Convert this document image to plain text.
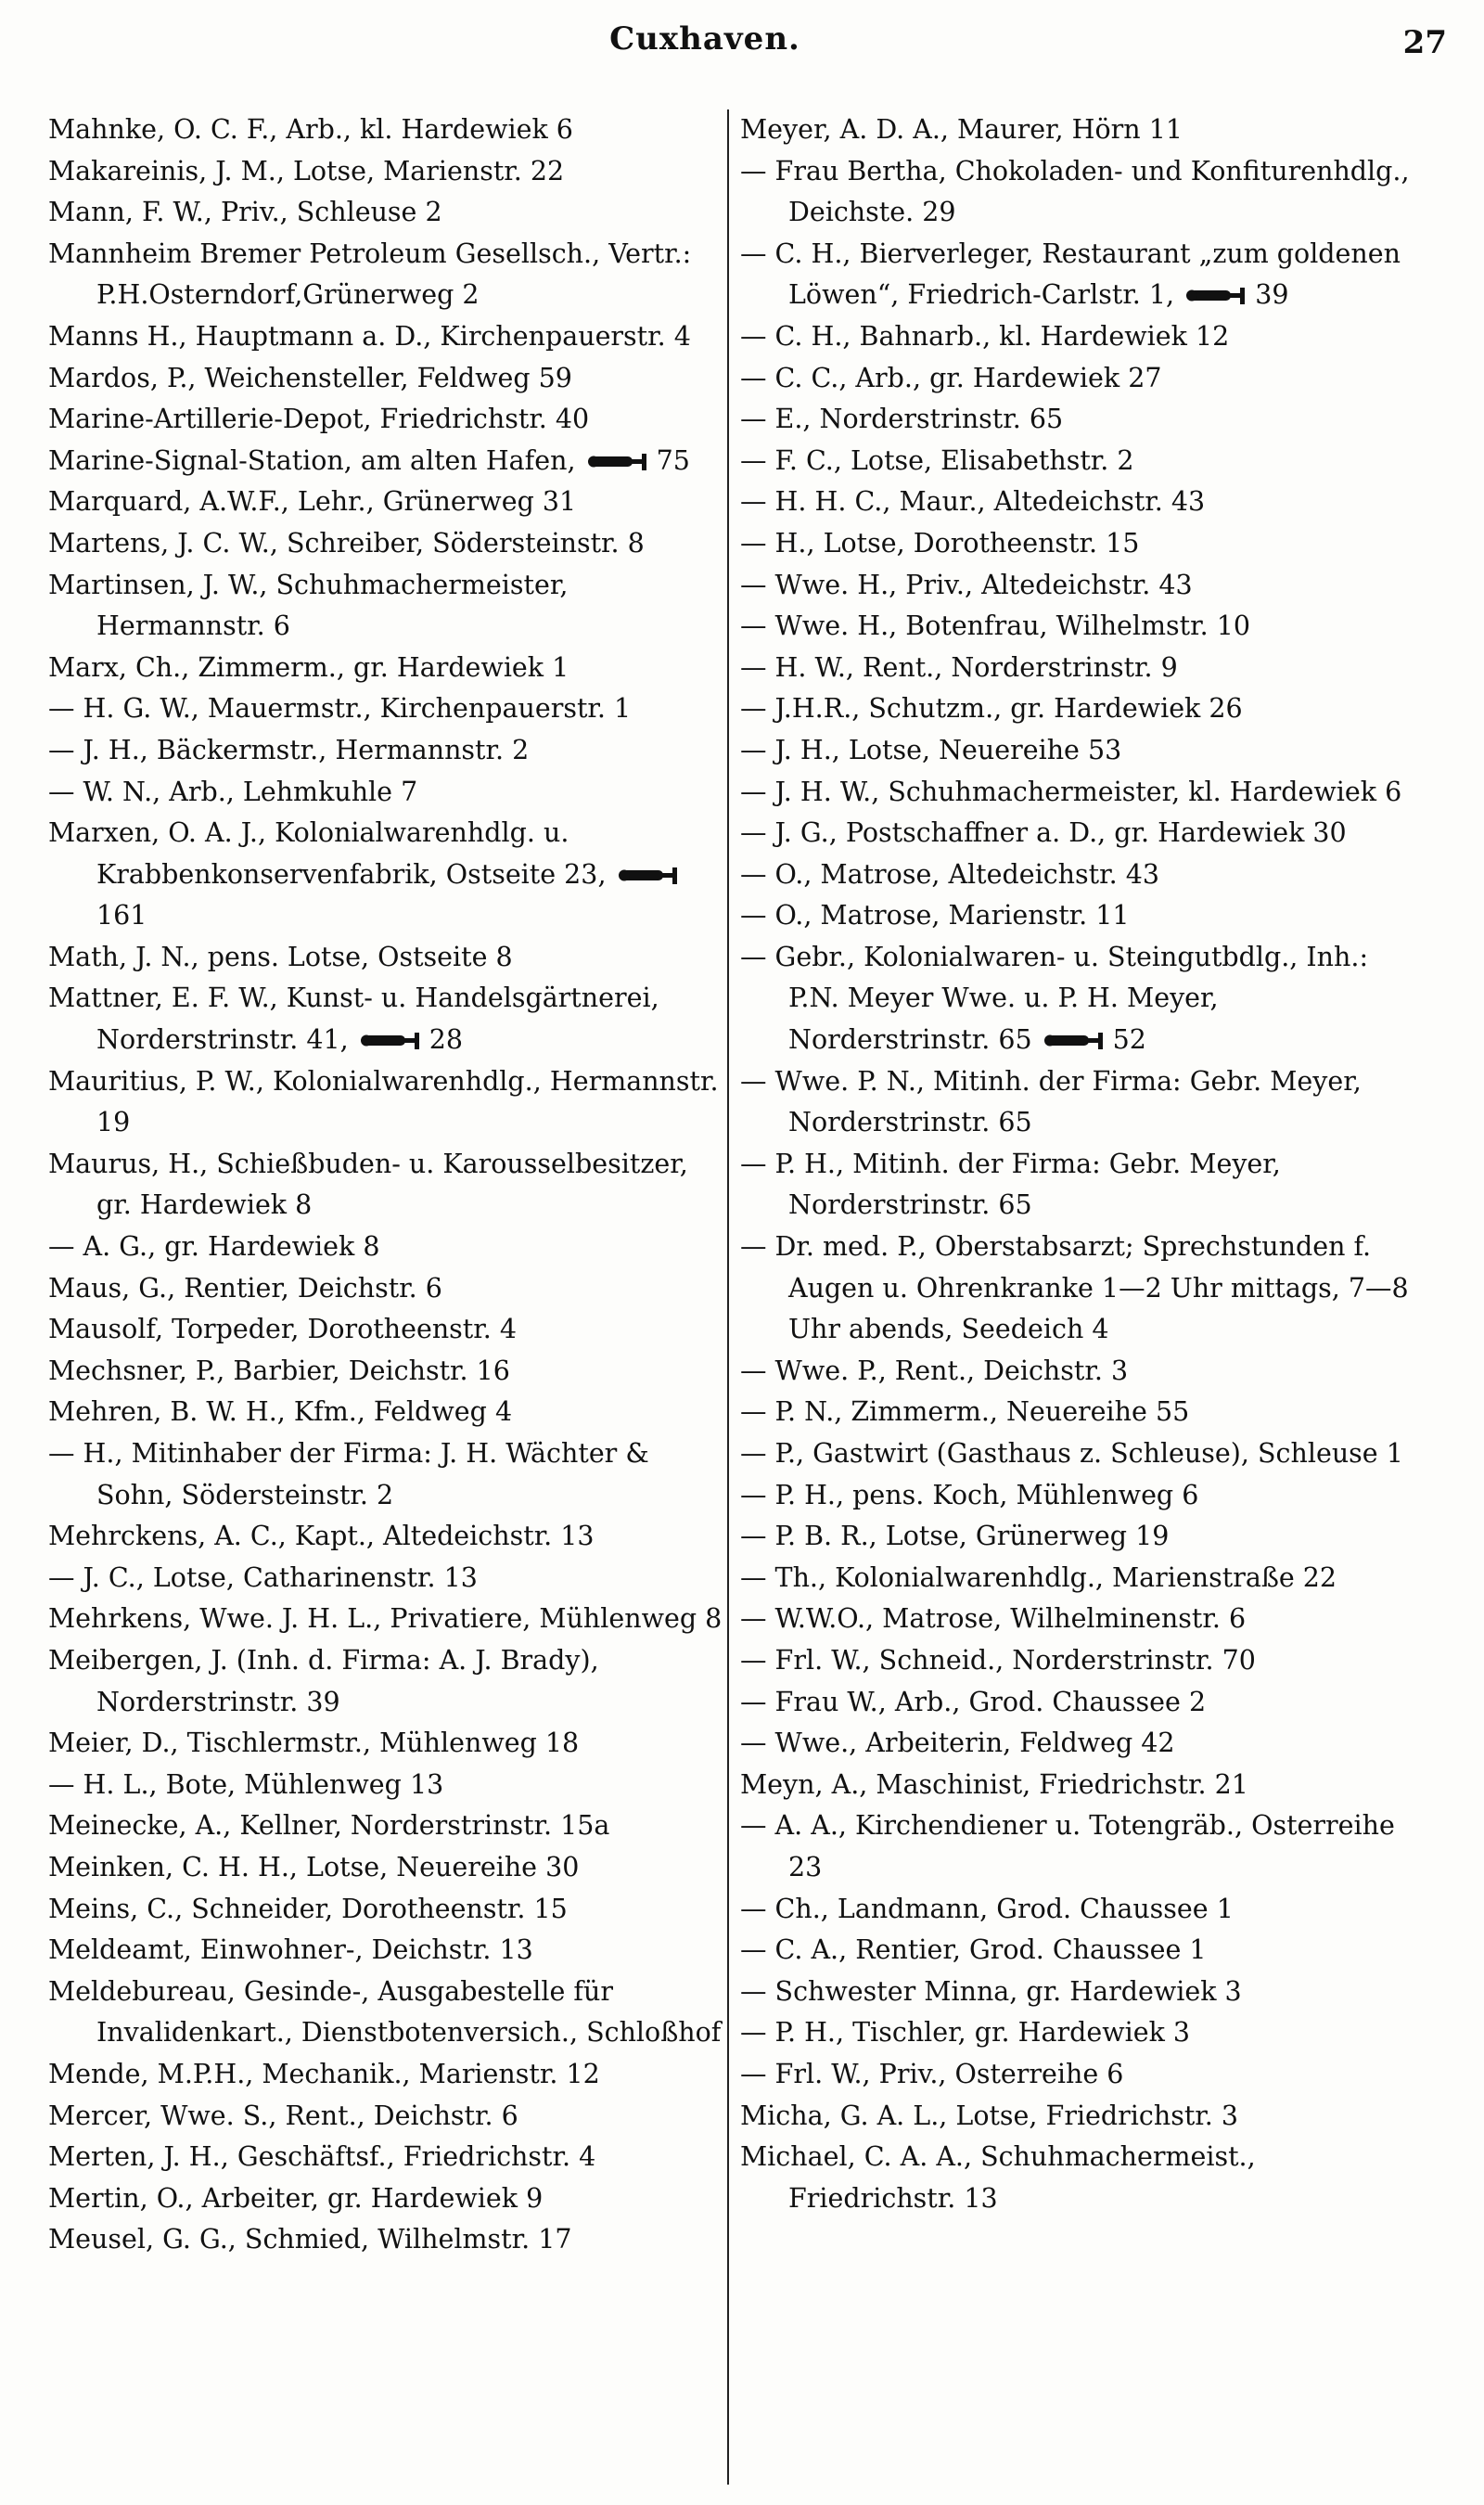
Cuxhaven.	27
Mahnke, O. C. F., Arb., kl. Hardewiek 6
Makareinis, J. M., Lotse, Marienstr. 22
Mann, F. W., Priv., Schleuse 2
Mannheim Bremer Petroleum Gesellsch., Vertr.: P.H.Osterndorf,Grünerweg 2
Manns H., Hauptmann a. D., Kirchenpauerstr. 4
Mardos, P., Weichensteller, Feldweg 59
Marine-Artillerie-Depot, Friedrichstr. 40
Marine-Signal-Station, am alten Hafen,	75
Marquard, A.W.F., Lehr., Grünerweg 31
Martens, J. C. W., Schreiber, Södersteinstr. 8
Martinsen, J. W., Schuhmachermeister, Hermannstr. 6
Marx, Ch., Zimmerm., gr. Hardewiek 1
— H. G. W., Mauermstr., Kirchenpauerstr. 1
— J. H., Bäckermstr., Hermannstr. 2
— W. N., Arb., Lehmkuhle 7
Marxen, O. A. J., Kolonialwarenhdlg. u. Krabbenkonservenfabrik, Ostseite 23,
161
Math, J. N., pens. Lotse, Ostseite 8
Mattner, E. F. W., Kunst- u. Handelsgärtnerei, Norderstrinstr. 41,	28
Mauritius, P. W., Kolonialwarenhdlg., Hermannstr. 19
Maurus, H., Schießbuden- u. Karousselbesitzer, gr. Hardewiek 8
— A. G., gr. Hardewiek 8
Maus, G., Rentier, Deichstr. 6
Mausolf, Torpeder, Dorotheenstr. 4
Mechsner, P., Barbier, Deichstr. 16
Mehren, B. W. H., Kfm., Feldweg 4
— H., Mitinhaber der Firma: J. H. Wächter & Sohn, Södersteinstr. 2
Mehrckens, A. C., Kapt., Altedeichstr. 13
— J. C., Lotse, Catharinenstr. 13
Mehrkens, Wwe. J. H. L., Privatiere, Mühlenweg 8
Meibergen, J. (Inh. d. Firma: A. J. Brady), Norderstrinstr. 39
Meier, D., Tischlermstr., Mühlenweg 18
— H. L., Bote, Mühlenweg 13
Meinecke, A., Kellner, Norderstrinstr. 15a
Meinken, C. H. H., Lotse, Neuereihe 30
Meins, C., Schneider, Dorotheenstr. 15
Meldeamt, Einwohner-, Deichstr. 13
Meldebureau, Gesinde-, Ausgabestelle für Invalidenkart., Dienstbotenversich., Schloßhof
Mende, M.P.H., Mechanik., Marienstr. 12
Mercer, Wwe. S., Rent., Deichstr. 6
Merten, J. H., Geschäftsf., Friedrichstr. 4
Mertin, O., Arbeiter, gr. Hardewiek 9
Meusel, G. G., Schmied, Wilhelmstr. 17
Meyer, A. D. A., Maurer, Hörn 11
— Frau Bertha, Chokoladen- und Konfiturenhdlg., Deichste. 29
— C. H., Bierverleger, Restaurant „zum goldenen Löwen“, Friedrich-Carlstr. 1,	39
— C. H., Bahnarb., kl. Hardewiek 12
— C. C., Arb., gr. Hardewiek 27
— E., Norderstrinstr. 65
— F. C., Lotse, Elisabethstr. 2
— H. H. C., Maur., Altedeichstr. 43
— H., Lotse, Dorotheenstr. 15
— Wwe. H., Priv., Altedeichstr. 43
— Wwe. H., Botenfrau, Wilhelmstr. 10
— H. W., Rent., Norderstrinstr. 9
— J.H.R., Schutzm., gr. Hardewiek 26
— J. H., Lotse, Neuereihe 53
— J. H. W., Schuhmachermeister, kl. Hardewiek 6
— J. G., Postschaffner a. D., gr. Hardewiek 30
— O., Matrose, Altedeichstr. 43
— O., Matrose, Marienstr. 11
— Gebr., Kolonialwaren- u. Steingutbdlg., Inh.: P.N. Meyer Wwe. u. P. H. Meyer, Norderstrinstr. 65	52
— Wwe. P. N., Mitinh. der Firma: Gebr. Meyer, Norderstrinstr. 65
— P. H., Mitinh. der Firma: Gebr. Meyer, Norderstrinstr. 65
— Dr. med. P., Oberstabsarzt; Sprechstunden f. Augen u. Ohrenkranke 1—2 Uhr mittags, 7—8 Uhr abends, Seedeich 4
— Wwe. P., Rent., Deichstr. 3
— P. N., Zimmerm., Neuereihe 55
— P., Gastwirt (Gasthaus z. Schleuse), Schleuse 1
— P. H., pens. Koch, Mühlenweg 6
— P. B. R., Lotse, Grünerweg 19
— Th., Kolonialwarenhdlg., Marienstraße 22
— W.W.O., Matrose, Wilhelminenstr. 6
— Frl. W., Schneid., Norderstrinstr. 70
— Frau W., Arb., Grod. Chaussee 2
— Wwe., Arbeiterin, Feldweg 42
Meyn, A., Maschinist, Friedrichstr. 21
— A. A., Kirchendiener u. Totengräb., Osterreihe 23
— Ch., Landmann, Grod. Chaussee 1
— C. A., Rentier, Grod. Chaussee 1
— Schwester Minna, gr. Hardewiek 3
— P. H., Tischler, gr. Hardewiek 3
— Frl. W., Priv., Osterreihe 6
Micha, G. A. L., Lotse, Friedrichstr. 3
Michael, C. A. A., Schuhmachermeist., Friedrichstr. 13
